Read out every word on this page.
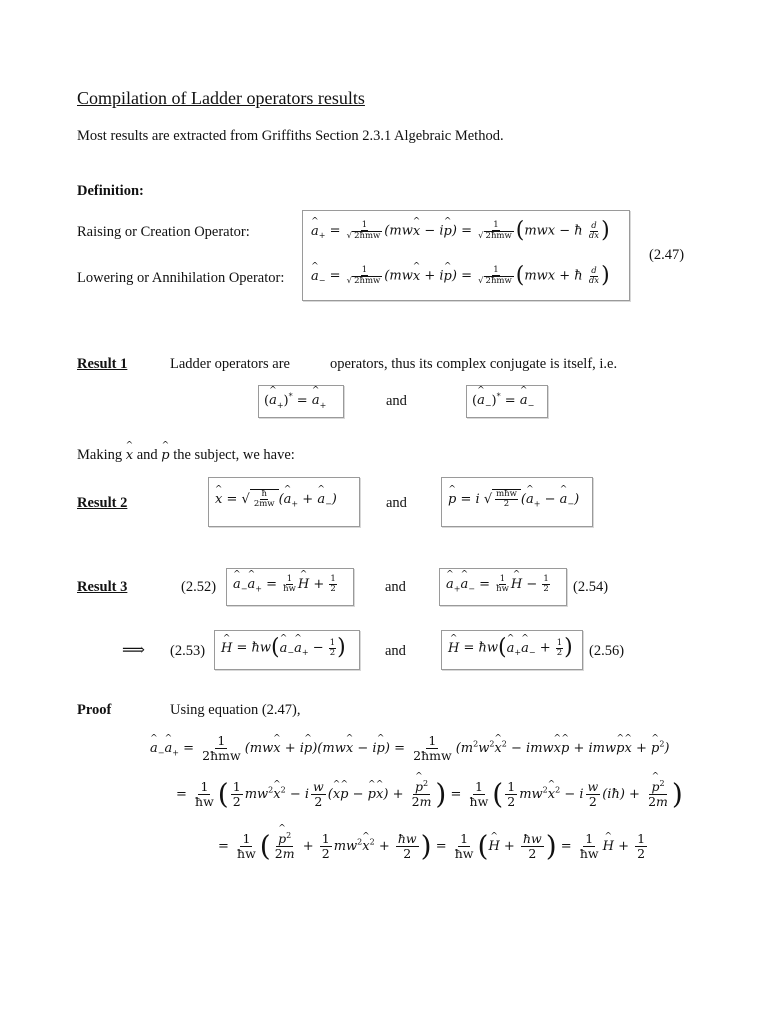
Compilation of Ladder operators results
Most results are extracted from Griffiths Section 2.3.1 Algebraic Method.
Definition:
Raising or Creation Operator:
Lowering or Annihilation Operator:
a $\^{}_+ = \frac{1}{\text{√ 2ħmw}} (mwx$ ^ − ip ^) = $\frac{1}{\text{√ 2ħmw}} (mwx$ − ħ $\frac{d}{dx}$ )
a $\^{}_- = \frac{1}{\text{√ 2ħmw}} (mwx$ ^ + ip ^) = $\frac{1}{\text{√ 2ħmw}} (mwx$ + ħ $\frac{d}{dx}$ )
(2.47)
Result 1	Ladder operators are	operators, thus its complex conjugate is itself, i.e.
(a $\^{}_+)^* = a$ $\^{}_+$	and	(a $\^{}_-)^* = a$ $\^{}_-$
Making x ^ and p ^ the subject, we have:
Result 2	x ^ = √ $\frac{ħ}{2mw} (a$ $\^{}_+ + a$ $\^{}_-$)	and	p ^ = i √ $\frac{\text{mħw}}{2} (a$ $\^{}_+ - a$ $\^{}_-$)
Result 3	(2.52) a $\^{}_-a$ $\^{}_+ = \frac{1}{ħw}$ H ^ + $\frac{1}{2}$	and	a $\^{}_+a$ $\^{}_- = \frac{1}{ħw}$ H ^ − $\frac{1}{2} (2.54)$
⟹ (2.53) H ^ = ħw(a $\^{}_-a$ $\^{}_+ - \frac{1}{2}$ )	and	H ^ = ħw(a $\^{}_+a$ $\^{}_- + \frac{1}{2}$ ) (2.56)
Proof	Using equation (2.47),
a $\^{}_-a$ $\^{}_+$ =
1
2ħmw (mwx ^ + ip ^)(mwx ^ − ip ^) =
1
2ħmw ($m^2w^2x$ ^$^2$ − imwx ^p ^ + imwp ^x ^ + p ^$^2$)
= $\frac{1}{ħw}$ ( $\frac{1}{2} mw^2x$ ^$^2$ − i $\frac{w}{2} (x$ ^p ^ − p ^x ^) + $\frac{p \^{}^2}{2m}$ ) = $\frac{1}{ħw}$ ( $\frac{1}{2} mw^2x$ ^$^2$ − i $\frac{w}{2}$ (iħ) + $\frac{p \^{}^2}{2m}$ )
= $\frac{1}{ħw}$ ( $\frac{p \^{}^2}{2m} + \frac{1}{2} mw^2x$ ^$^2$ + $\frac{ħw}{2}$ ) = $\frac{1}{ħw} (H$ ^ + $\frac{ħw}{2}$ ) = $\frac{1}{ħw}$ H ^ + $\frac{1}{2}$
